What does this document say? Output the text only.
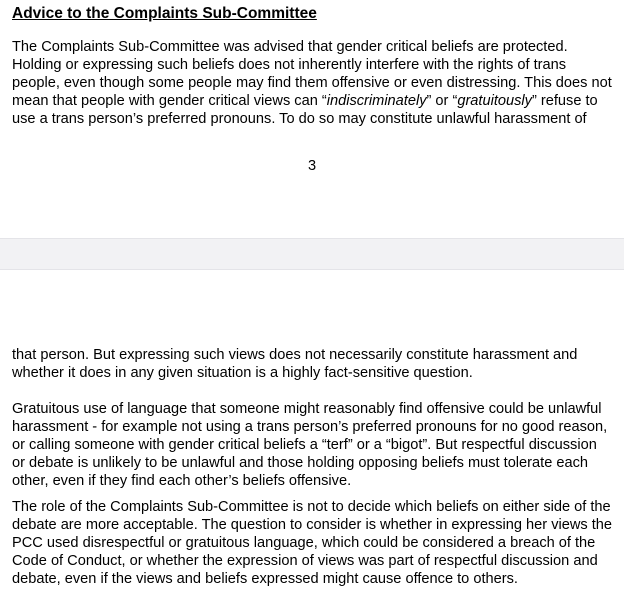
Advice to the Complaints Sub-Committee

The Complaints Sub-Committee was advised that gender critical beliefs are protected.
Holding or expressing such beliefs does not inherently interfere with the rights of trans
people, even though some people may find them offensive or even distressing. This does not
mean that people with gender critical views can “indiscriminately” or “gratuitously” refuse to
use a trans person’s preferred pronouns. To do so may constitute unlawful harassment of

3

that person. But expressing such views does not necessarily constitute harassment and
whether it does in any given situation is a highly fact-sensitive question.

Gratuitous use of language that someone might reasonably find offensive could be unlawful
harassment - for example not using a trans person’s preferred pronouns for no good reason,
or calling someone with gender critical beliefs a “terf” or a “bigot”. But respectful discussion
or debate is unlikely to be unlawful and those holding opposing beliefs must tolerate each
other, even if they find each other’s beliefs offensive.

The role of the Complaints Sub-Committee is not to decide which beliefs on either side of the
debate are more acceptable. The question to consider is whether in expressing her views the
PCC used disrespectful or gratuitous language, which could be considered a breach of the
Code of Conduct, or whether the expression of views was part of respectful discussion and
debate, even if the views and beliefs expressed might cause offence to others.
